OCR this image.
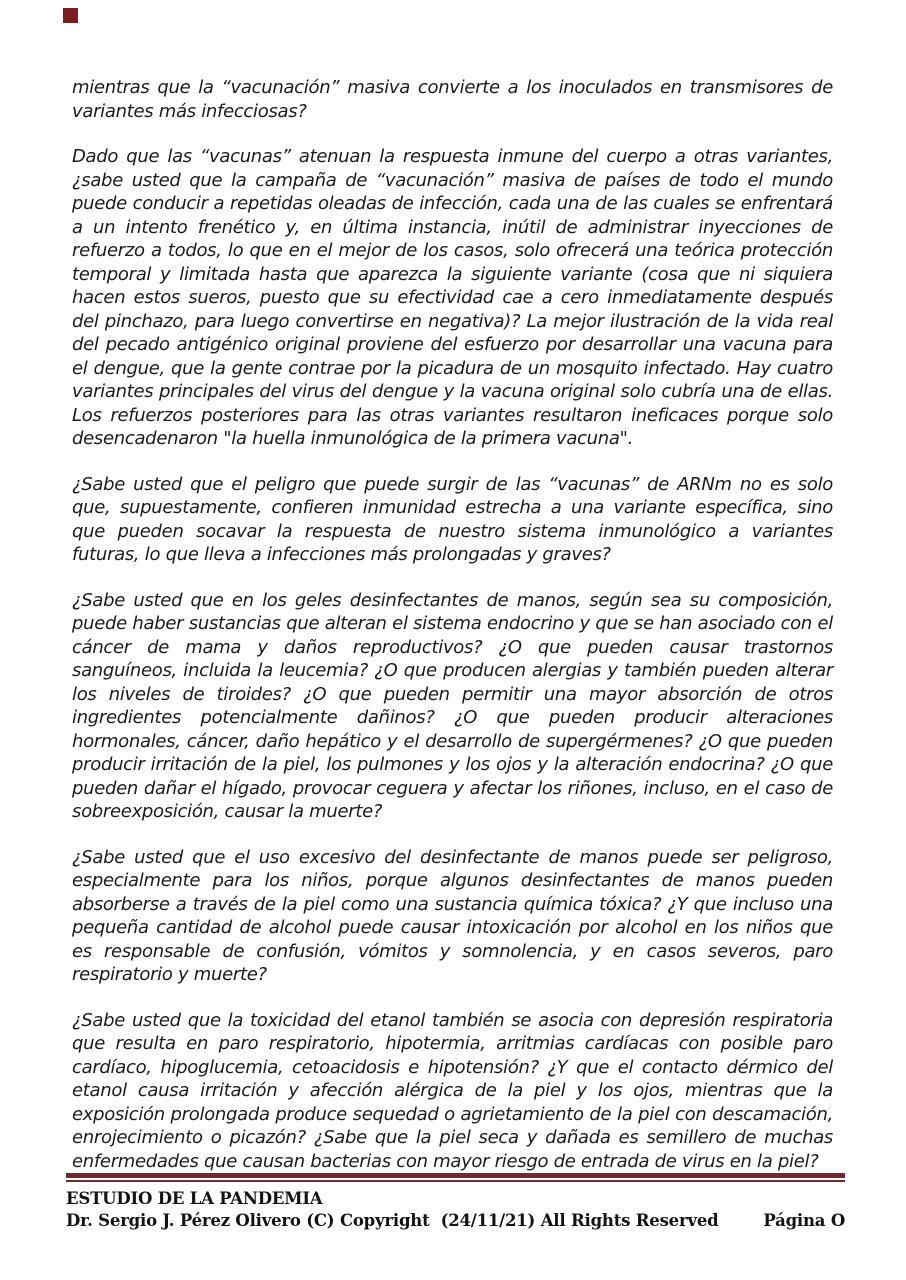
mientras que la “vacunación” masiva convierte a los inoculados en transmisores de variantes más infecciosas?

Dado que las “vacunas” atenuan la respuesta inmune del cuerpo a otras variantes, ¿sabe usted que la campaña de “vacunación” masiva de países de todo el mundo puede conducir a repetidas oleadas de infección, cada una de las cuales se enfrentará a un intento frenético y, en última instancia, inútil de administrar inyecciones de refuerzo a todos, lo que en el mejor de los casos, solo ofrecerá una teórica protección temporal y limitada hasta que aparezca la siguiente variante (cosa que ni siquiera hacen estos sueros, puesto que su efectividad cae a cero inmediatamente después del pinchazo, para luego convertirse en negativa)? La mejor ilustración de la vida real del pecado antigénico original proviene del esfuerzo por desarrollar una vacuna para el dengue, que la gente contrae por la picadura de un mosquito infectado. Hay cuatro variantes principales del virus del dengue y la vacuna original solo cubría una de ellas. Los refuerzos posteriores para las otras variantes resultaron ineficaces porque solo desencadenaron "la huella inmunológica de la primera vacuna".

¿Sabe usted que el peligro que puede surgir de las “vacunas” de ARNm no es solo que, supuestamente, confieren inmunidad estrecha a una variante específica, sino que pueden socavar la respuesta de nuestro sistema inmunológico a variantes futuras, lo que lleva a infecciones más prolongadas y graves?

¿Sabe usted que en los geles desinfectantes de manos, según sea su composición, puede haber sustancias que alteran el sistema endocrino y que se han asociado con el cáncer de mama y daños reproductivos? ¿O que pueden causar trastornos sanguíneos, incluida la leucemia? ¿O que producen alergias y también pueden alterar los niveles de tiroides? ¿O que pueden permitir una mayor absorción de otros ingredientes potencialmente dañinos? ¿O que pueden producir alteraciones hormonales, cáncer, daño hepático y el desarrollo de supergérmenes? ¿O que pueden producir irritación de la piel, los pulmones y los ojos y la alteración endocrina? ¿O que pueden dañar el hígado, provocar ceguera y afectar los riñones, incluso, en el caso de sobreexposición, causar la muerte?

¿Sabe usted que el uso excesivo del desinfectante de manos puede ser peligroso, especialmente para los niños, porque algunos desinfectantes de manos pueden absorberse a través de la piel como una sustancia química tóxica? ¿Y que incluso una pequeña cantidad de alcohol puede causar intoxicación por alcohol en los niños que es responsable de confusión, vómitos y somnolencia, y en casos severos, paro respiratorio y muerte?

¿Sabe usted que la toxicidad del etanol también se asocia con depresión respiratoria que resulta en paro respiratorio, hipotermia, arritmias cardíacas con posible paro cardíaco, hipoglucemia, cetoacidosis e hipotensión? ¿Y que el contacto dérmico del etanol causa irritación y afección alérgica de la piel y los ojos, mientras que la exposición prolongada produce sequedad o agrietamiento de la piel con descamación, enrojecimiento o picazón? ¿Sabe que la piel seca y dañada es semillero de muchas enfermedades que causan bacterias con mayor riesgo de entrada de virus en la piel?

ESTUDIO DE LA PANDEMIA
Dr. Sergio J. Pérez Olivero (C) Copyright  (24/11/21) All Rights Reserved	Página O
